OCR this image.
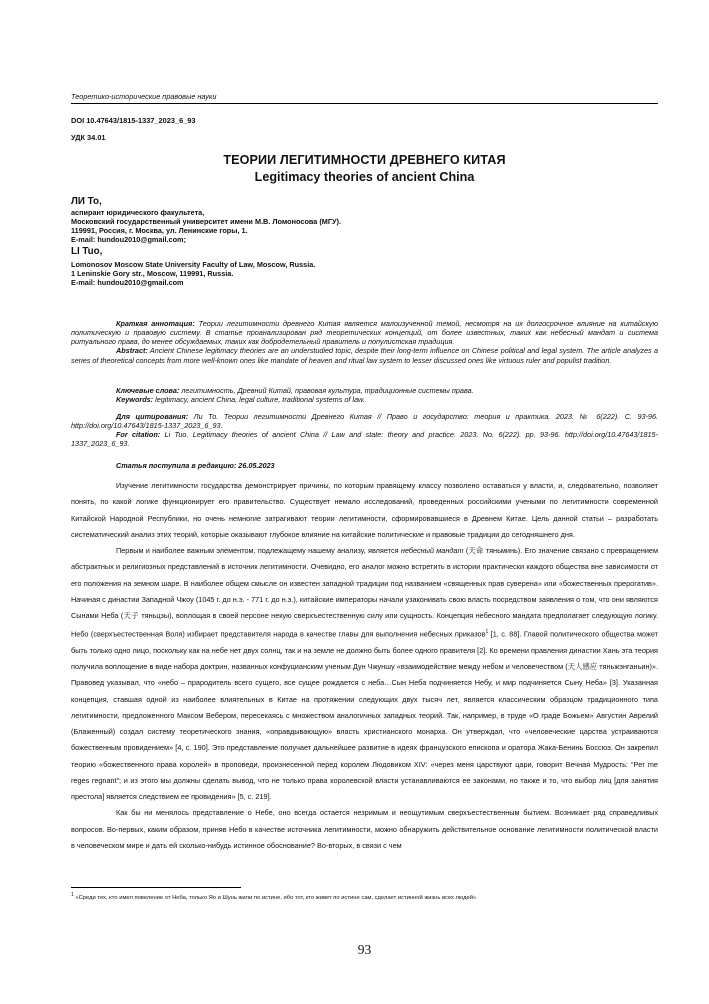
Теоретико-исторические правовые науки
DOI 10.47643/1815-1337_2023_6_93
УДК 34.01
ТЕОРИИ ЛЕГИТИМНОСТИ ДРЕВНЕГО КИТАЯ
Legitimacy theories of ancient China
ЛИ То,
аспирант юридического факультета,
Московский государственный университет имени М.В. Ломоносова (МГУ).
119991, Россия, г. Москва, ул. Ленинские горы, 1.
E-mail: hundou2010@gmail.com;
LI Tuo,
Lomonosov Moscow State University Faculty of Law, Moscow, Russia.
1 Leninskie Gory str., Moscow, 119991, Russia.
E-mail: hundou2010@gmail.com

Краткая аннотация: Теории легитимности древнего Китая является малоизученной темой, несмотря на их долгосрочное влияние на китайскую политическую и правовую систему. В статье проанализирован ряд теоретических концепций, от более известных, таких как небесный мандат и система ритуального права, до менее обсуждаемых, таких как добродетельный правитель и популистская традиция.

Abstract: Ancient Chinese legitimacy theories are an understudied topic, despite their long-term influence on Chinese political and legal system. The article analyzes a series of theoretical concepts from more well-known ones like mandate of heaven and ritual law system to lesser discussed ones like virtuous ruler and populist tradition.

Ключевые слова: легитимность, Древний Китай, правовая культура, традиционные системы права.

Keywords: legitimacy, ancient China, legal culture, traditional systems of law.

Для цитирования: Ли То. Теории легитимности Древнего Китая // Право и государство: теория и практика. 2023. № 6(222). С. 93-96. http://doi.org/10.47643/1815-1337_2023_6_93.

For citation: Li Tuo. Legitimacy theories of ancient China // Law and state: theory and practice. 2023. No. 6(222). pp. 93-96. http://doi.org/10.47643/1815-1337_2023_6_93.

Статья поступила в редакцию: 26.05.2023

Изучение легитимности государства демонстрирует причины, по которым правящему классу позволено оставаться у власти, и, следовательно, позволяет понять, по какой логике функционирует его правительство. Существует немало исследований, проведенных российскими учеными по легитимности современной Китайской Народной Республики, но очень немногие затрагивают теории легитимности, сформировавшиеся в Древнем Китае. Цель данной статьи – разработать систематический анализ этих теорий, которые оказывают глубокое влияние на китайские политические и правовые традиции до сегодняшнего дня.

Первым и наиболее важным элементом, подлежащему нашему анализу, является небесный мандат (天命 тяньминь). Его значение связано с превращением абстрактных и религиозных представлений в источник легитимности. Очевидно, его аналог можно встретить в истории практически каждого общества вне зависимости от его положения на земном шаре. В наиболее общем смысле он известен западной традиции под названием «священных прав суверена» или «божественных прерогатив». Начиная с династии Западной Чжоу (1045 г. до н.э. - 771 г. до н.э.), китайские императоры начали узаконивать свою власть посредством заявления о том, что они являются Сынами Неба (天子 тяньцзы), воплощая в своей персоне некую сверхъестественную силу или сущность. Концепция небесного мандата предполагает следующую логику. Небо (сверхъестественная Воля) избирает представителя народа в качестве главы для выполнения небесных приказов$^1$ [1, с. 88]. Главой политического общества может быть только одно лицо, поскольку как на небе нет двух солнц, так и на земле не должно быть более одного правителя [2]. Ко времени правления династии Хань эта теория получила воплощение в виде набора доктрин, названных конфуцианским ученым Дун Чжуншу «взаимодействие между небом и человечеством (天人感应 тяньжэнганьин)». Правовед указывал, что «небо – прародитель всего сущего, все сущее рождается с неба…Сын Неба подчиняется Небу, и мир подчиняется Сыну Неба» [3]. Указанная концепция, ставшая одной из наиболее влиятельных в Китае на протяжении следующих двух тысяч лет, является классическим образцом традиционного типа легитимности, предложенного Максом Вебером, пересекаясь с множеством аналогичных западных теорий. Так, например, в труде «О граде Божьем» Августин Аврелий (Блаженный) создал систему теоретического знания, «оправдывающую» власть христианского монарха. Он утверждал, что «человеческие царства устраиваются божественным провидением» [4, с. 190]. Это представление получает дальнейшее развитие в идеях французского епископа и оратора Жака-Бенинь Боссюэ. Он закрепил теорию «божественного права королей» в проповеди, произнесенной перед королем Людовиком XIV: «через меня царствуют цари, говорит Вечная Мудрость: “Per me reges regnant”; и из этого мы должны сделать вывод, что не только права королевской власти устанавливаются ее законами, но также и то, что выбор лиц [для занятия престола] является следствием ее провидения» [5, с. 219].

Как бы ни менялось представление о Небе, оно всегда остается незримым и неощутимым сверхъестественным бытием. Возникает ряд справедливых вопросов. Во-первых, каким образом, приняв Небо в качестве источника легитимности, можно обнаружить действительное основание легитимности политической власти в человеческом мире и дать ей сколько-нибудь истинное обоснование? Во-вторых, в связи с чем

$^1$ «Среди тех, кто имел повеление от Неба, только Яо и Шунь жили по истине, ибо тот, кто живет по истине сам, сделает истинной жизнь всех людей».
93
